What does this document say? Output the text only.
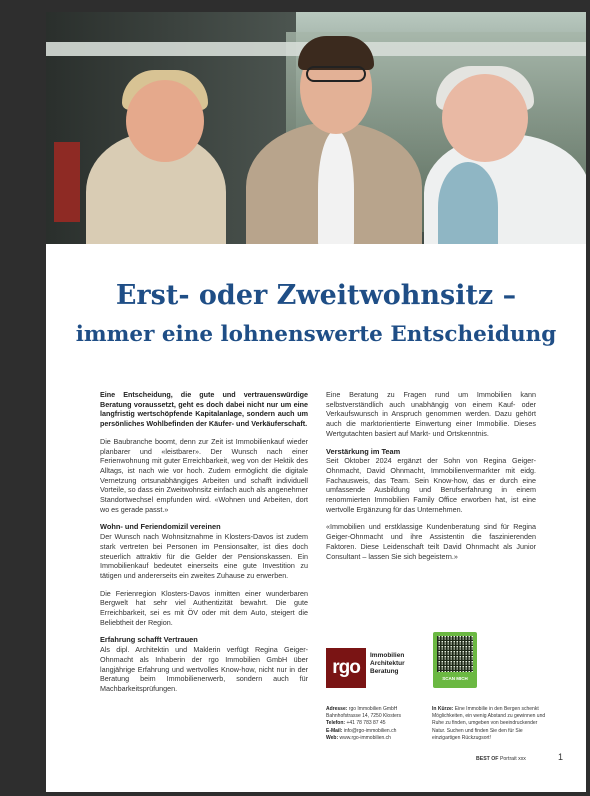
Erst- oder Zweitwohnsitz –
immer eine lohnenswerte Entscheidung

Eine Entscheidung, die gute und vertrauenswürdige Beratung voraussetzt, geht es doch dabei nicht nur um eine langfristig wertschöpfende Kapitalanlage, sondern auch um persönliches Wohlbefinden der Käufer- und Verkäuferschaft.

Die Baubranche boomt, denn zur Zeit ist Immobilienkauf wieder planbarer und «leistbarer». Der Wunsch nach einer Ferienwohnung mit guter Erreichbarkeit, weg von der Hektik des Alltags, ist nach wie vor hoch. Zudem ermöglicht die digitale Vernetzung ortsunabhängiges Arbeiten und schafft individuell Vorteile, so dass ein Zweitwohnsitz einfach auch als angenehmer Standortwechsel empfunden wird. «Wohnen und Arbeiten, dort wo es gerade passt.»

Wohn- und Feriendomizil vereinen

Der Wunsch nach Wohnsitznahme in Klosters-Davos ist zudem stark vertreten bei Personen im Pensionsalter, ist dies doch steuerlich attraktiv für die Gelder der Pensionskassen. Ein Immobilienkauf bedeutet einerseits eine gute Investition zu tätigen und andererseits ein zweites Zuhause zu erwerben.

Die Ferienregion Klosters-Davos inmitten einer wunderbaren Bergwelt hat sehr viel Authentizität bewahrt. Die gute Erreichbarkeit, sei es mit ÖV oder mit dem Auto, steigert die Beliebtheit der Region.

Erfahrung schafft Vertrauen

Als dipl. Architektin und Maklerin verfügt Regina Geiger-Ohnmacht als Inhaberin der rgo Immobilien GmbH über langjährige Erfahrung und wertvolles Know-how, nicht nur in der Beratung beim Immobilienerwerb, sondern auch für Machbarkeitsprüfungen.

Eine Beratung zu Fragen rund um Immobilien kann selbstverständlich auch unabhängig von einem Kauf- oder Verkaufswunsch in Anspruch genommen werden. Dazu gehört auch die marktorientierte Einwertung einer Immobilie. Dieses Wertgutachten basiert auf Markt- und Ortskenntnis.

Verstärkung im Team

Seit Oktober 2024 ergänzt der Sohn von Regina Geiger-Ohnmacht, David Ohnmacht, Immobilienvermarkter mit eidg. Fachausweis, das Team. Sein Know-how, das er durch eine umfassende Ausbildung und Berufserfahrung in einem renommierten Immobilien Family Office erworben hat, ist eine wertvolle Ergänzung für das Unternehmen.

«Immobilien und erstklassige Kundenberatung sind für Regina Geiger-Ohnmacht und ihre Assistentin die faszinierenden Faktoren. Diese Leidenschaft teilt David Ohnmacht als Junior Consultant – lassen Sie sich begeistern.»

rgo
Immobilien
Architektur
Beratung
SCAN MICH
Adresse: rgo Immobilien GmbH
Bahnhofstrasse 14, 7250 Klosters
Telefon: +41 78 783 87 45
E-Mail: info@rgo-immobilien.ch
Web: www.rgo-immobilien.ch
In Kürze: Eine Immobilie in den Bergen schenkt Möglichkeiten, ein wenig Abstand zu gewinnen und Ruhe zu finden, umgeben von beeindruckender Natur. Suchen und finden Sie den für Sie einzigartigen Rückzugsort!
BEST OF Portrait xxx	1
